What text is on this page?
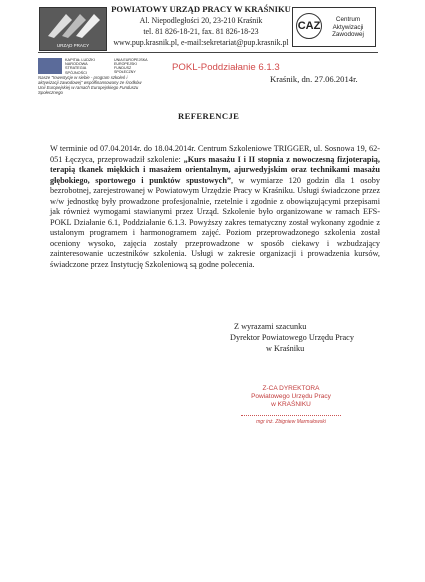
URZĄD PRACY
POWIATOWY URZĄD PRACY W KRAŚNIKU
Al. Niepodległości 20, 23-210 Kraśnik
tel. 81 826-18-21, fax. 81 826-18-23
www.pup.krasnik.pl, e-mail:sekretariat@pup.krasnik.pl
CAZ
Centrum Aktywizacji Zawodowej
KAPITAŁ LUDZKI NARODOWA STRATEGIA SPÓJNOŚCI
UNIA EUROPEJSKA EUROPEJSKI FUNDUSZ SPOŁECZNY
Nasze "Inwestycje w siebie - program szkoleń i aktywizacji zawodowej" współfinansowany ze środków Unii Europejskiej w ramach Europejskiego Funduszu Społecznego
POKL-Poddziałanie 6.1.3
Kraśnik, dn. 27.06.2014r.
REFERENCJE

W terminie od 07.04.2014r. do 18.04.2014r. Centrum Szkoleniowe TRIGGER, ul. Sosnowa 19, 62-051 Łęczyca, przeprowadził szkolenie: „Kurs masażu I i II stopnia z nowoczesną fizjoterapią, terapią tkanek miękkich i masażem orientalnym, ajurwedyjskim oraz technikami masażu głębokiego, sportowego i punktów spustowych”, w wymiarze 120 godzin dla 1 osoby bezrobotnej, zarejestrowanej w Powiatowym Urzędzie Pracy w Kraśniku. Usługi świadczone przez w/w jednostkę były prowadzone profesjonalnie, rzetelnie i zgodnie z obowiązującymi przepisami jak również wymogami stawianymi przez Urząd. Szkolenie było organizowane w ramach EFS-POKL Działanie 6.1, Poddziałanie 6.1.3. Powyższy zakres tematyczny został wykonany zgodnie z ustalonym programem i harmonogramem zajęć. Poziom przeprowadzonego szkolenia został oceniony wysoko, zajęcia zostały przeprowadzone w sposób ciekawy i wzbudzający zainteresowanie uczestników szkolenia. Usługi w zakresie organizacji i prowadzenia kursów, świadczone przez Instytucję Szkoleniową są godne polecenia.

Z wyrazami szacunku
Dyrektor Powiatowego Urzędu Pracy
w Kraśniku
Z-CA DYREKTORA
Powiatowego Urzędu Pracy
w KRAŚNIKU
mgr inż. Zbigniew Marmułowski
